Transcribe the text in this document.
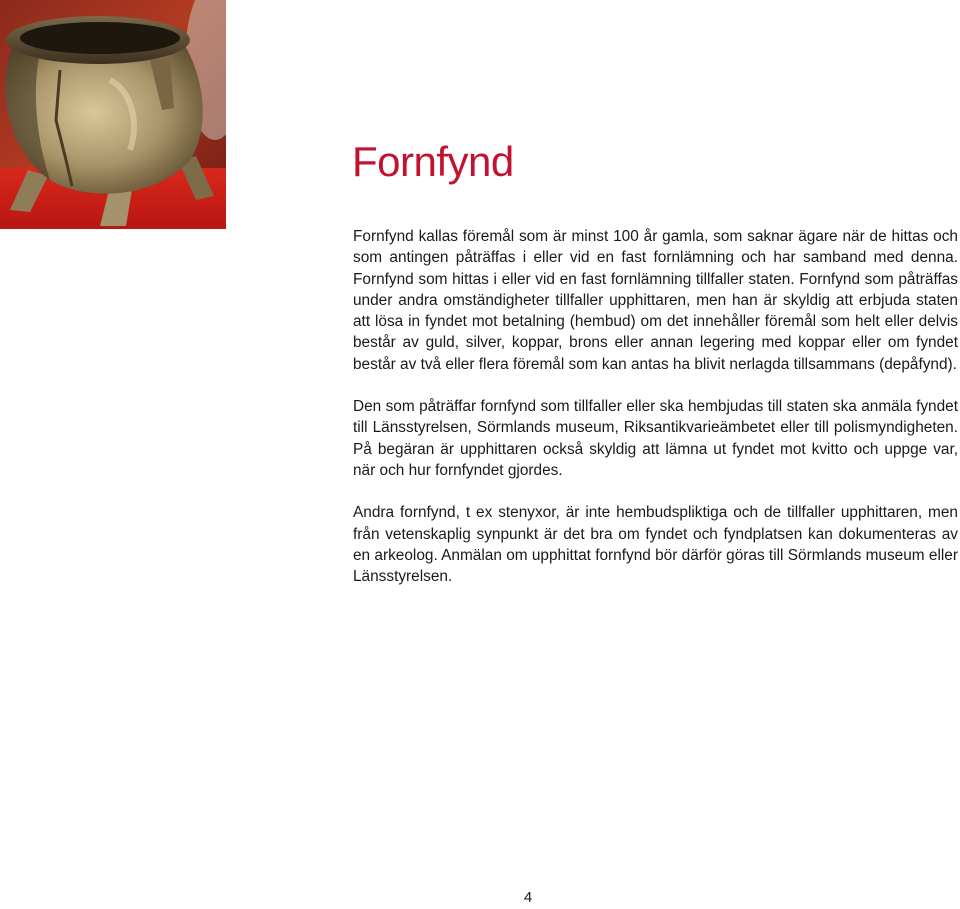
Fornfynd

Fornfynd kallas föremål som är minst 100 år gamla, som saknar ägare när de hittas och som antingen påträffas i eller vid en fast fornlämning och har samband med denna. Fornfynd som hittas i eller vid en fast fornlämning tillfaller staten. Fornfynd som påträffas under andra omständigheter tillfaller upphittaren, men han är skyldig att erbjuda staten att lösa in fyndet mot betalning (hembud) om det innehåller föremål som helt eller delvis består av guld, silver, koppar, brons eller annan legering med koppar eller om fyndet består av två eller flera föremål som kan antas ha blivit nerlagda tillsammans (depåfynd).

Den som påträffar fornfynd som tillfaller eller ska hembjudas till staten ska anmäla fyndet till Länsstyrelsen, Sörmlands museum, Riksantikvarieämbetet eller till polismyndigheten. På begäran är upphittaren också skyldig att lämna ut fyndet mot kvitto och uppge var, när och hur fornfyndet gjordes.

Andra fornfynd, t ex stenyxor, är inte hembudspliktiga och de tillfaller upphittaren, men från vetenskaplig synpunkt är det bra om fyndet och fyndplatsen kan dokumenteras av en arkeolog. Anmälan om upphittat fornfynd bör därför göras till Sörmlands museum eller Länsstyrelsen.

4
